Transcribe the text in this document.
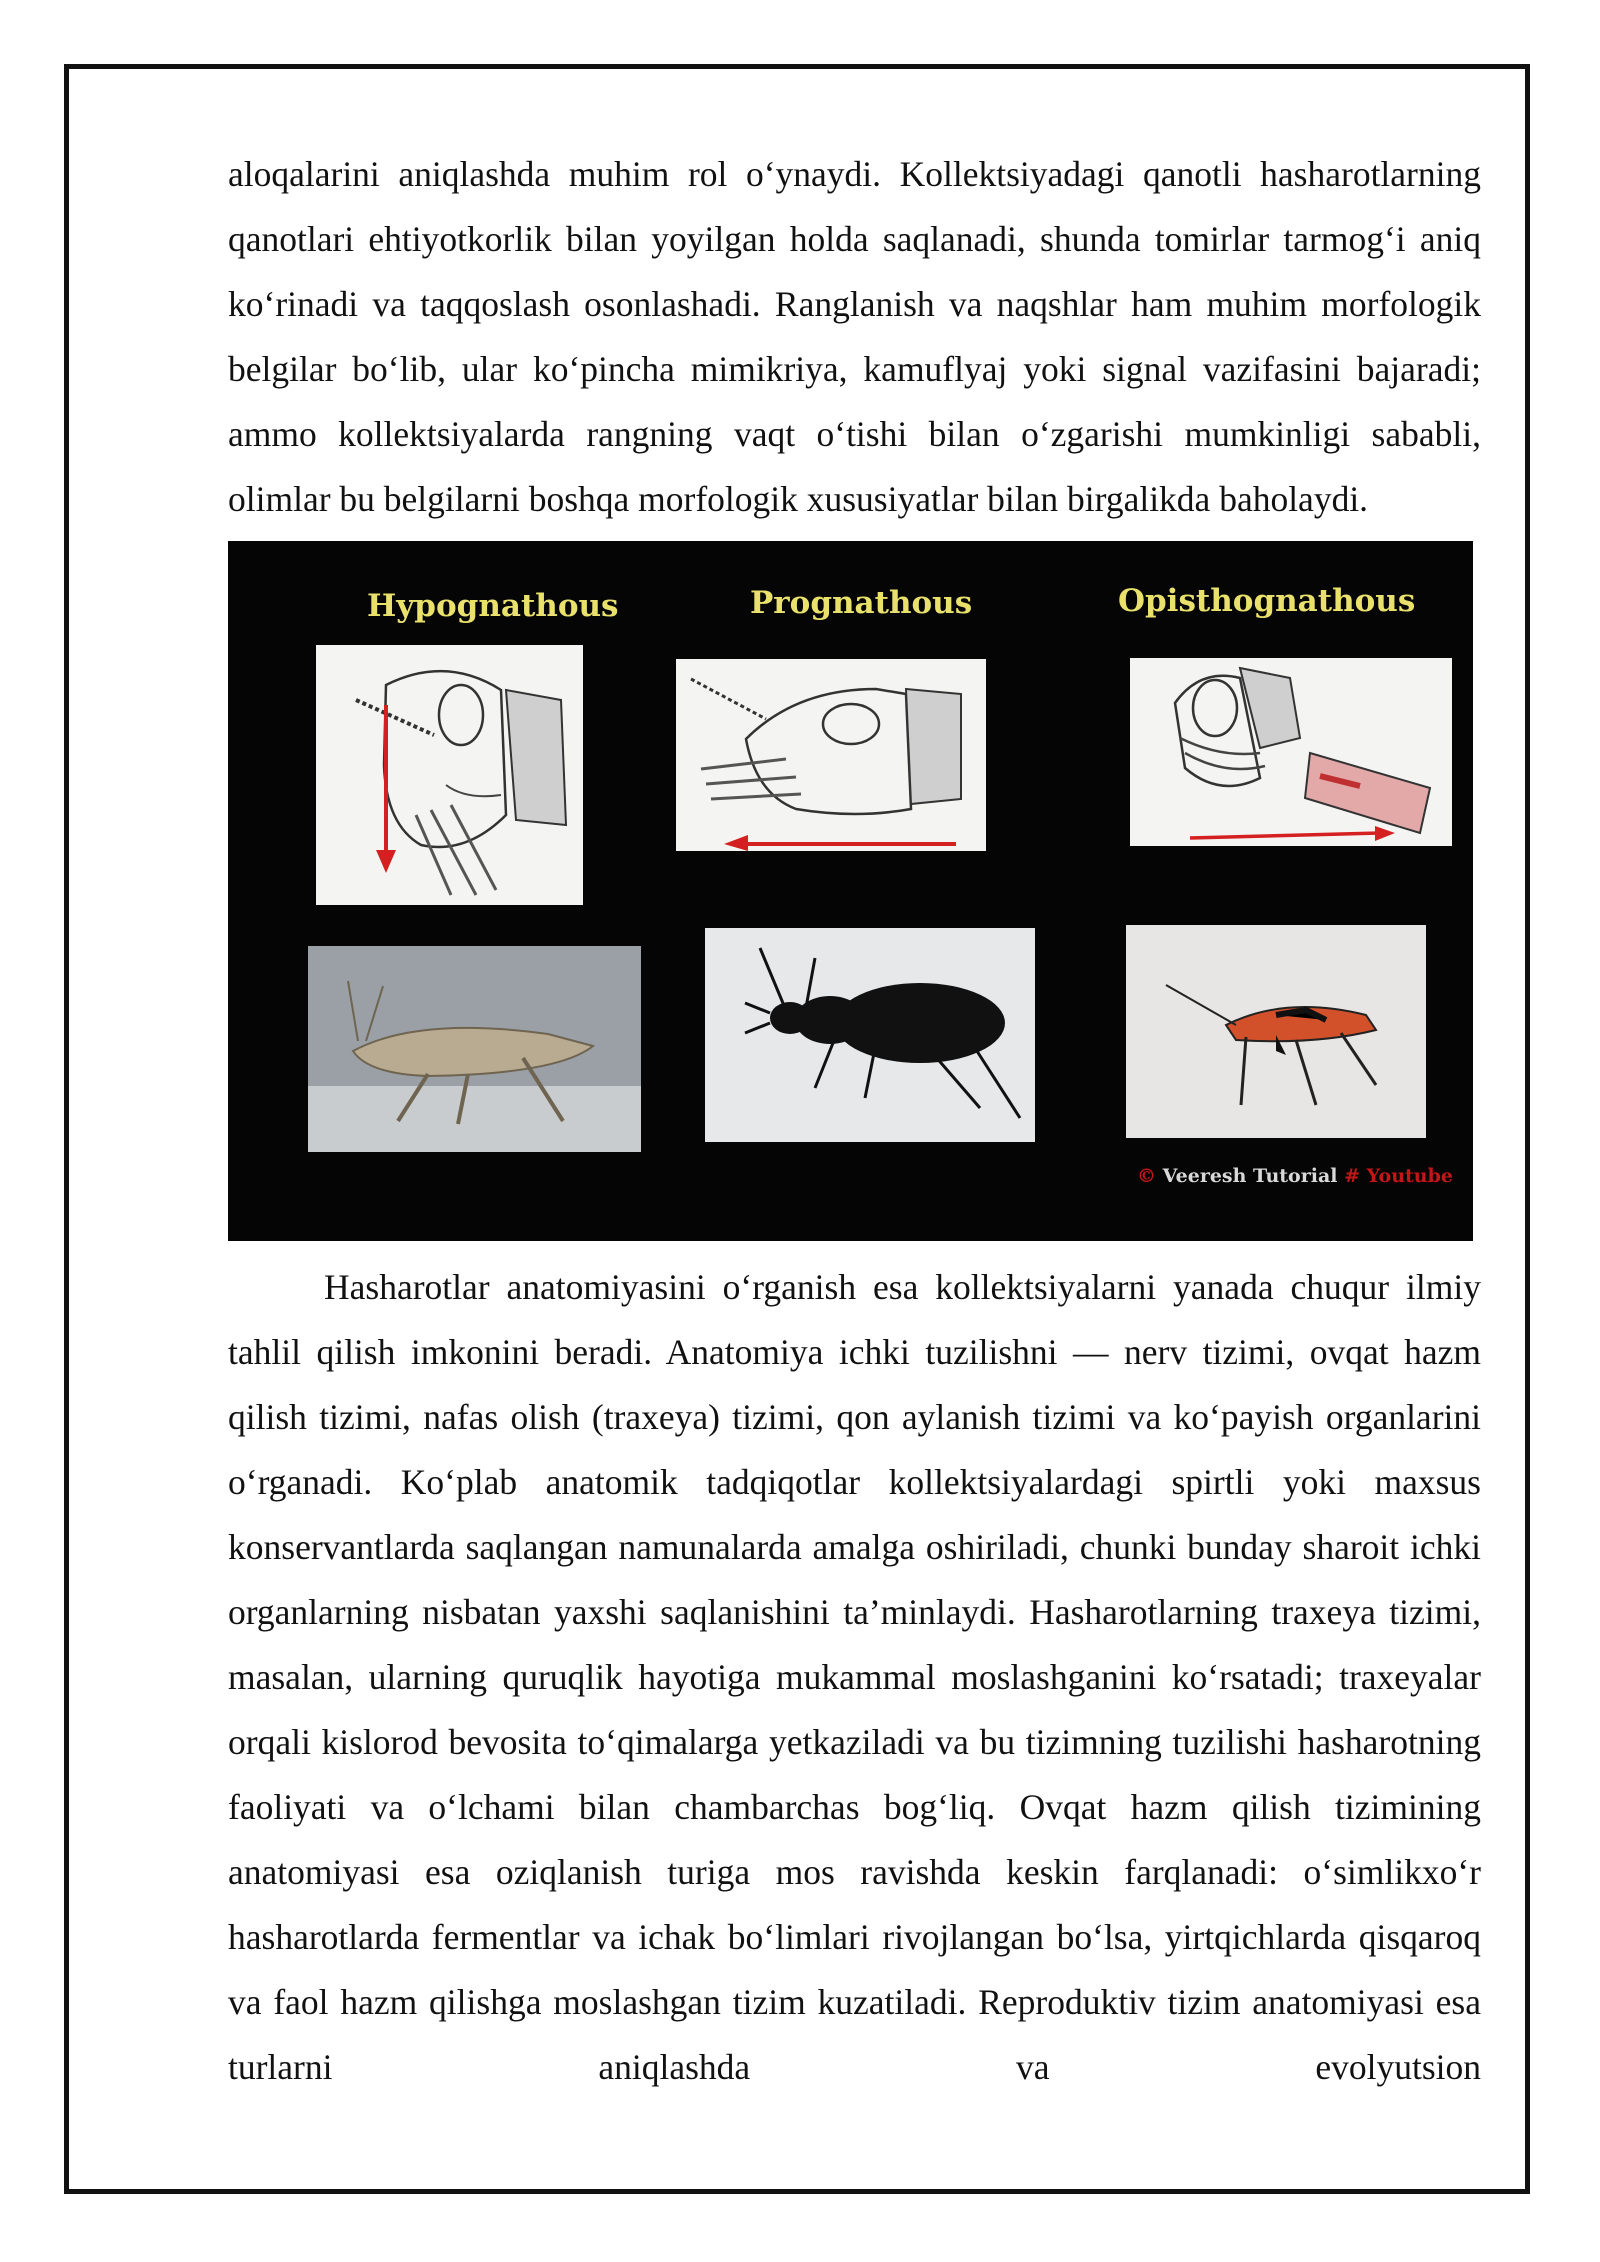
aloqalarini aniqlashda muhim rol o‘ynaydi. Kollektsiyadagi qanotli hasharotlarning qanotlari ehtiyotkorlik bilan yoyilgan holda saqlanadi, shunda tomirlar tarmog‘i aniq ko‘rinadi va taqqoslash osonlashadi. Ranglanish va naqshlar ham muhim morfologik belgilar bo‘lib, ular ko‘pincha mimikriya, kamuflyaj yoki signal vazifasini bajaradi; ammo kollektsiyalarda rangning vaqt o‘tishi bilan o‘zgarishi mumkinligi sababli, olimlar bu belgilarni boshqa morfologik xususiyatlar bilan birgalikda baholaydi.

Hypognathous	Prognathous	Opisthognathous

© Veeresh Tutorial # Youtube

Hasharotlar anatomiyasini o‘rganish esa kollektsiyalarni yanada chuqur ilmiy tahlil qilish imkonini beradi. Anatomiya ichki tuzilishni — nerv tizimi, ovqat hazm qilish tizimi, nafas olish (traxeya) tizimi, qon aylanish tizimi va ko‘payish organlarini o‘rganadi. Ko‘plab anatomik tadqiqotlar kollektsiyalardagi spirtli yoki maxsus konservantlarda saqlangan namunalarda amalga oshiriladi, chunki bunday sharoit ichki organlarning nisbatan yaxshi saqlanishini ta’minlaydi. Hasharotlarning traxeya tizimi, masalan, ularning quruqlik hayotiga mukammal moslashganini ko‘rsatadi; traxeyalar orqali kislorod bevosita to‘qimalarga yetkaziladi va bu tizimning tuzilishi hasharotning faoliyati va o‘lchami bilan chambarchas bog‘liq. Ovqat hazm qilish tizimining anatomiyasi esa oziqlanish turiga mos ravishda keskin farqlanadi: o‘simlikxo‘r hasharotlarda fermentlar va ichak bo‘limlari rivojlangan bo‘lsa, yirtqichlarda qisqaroq va faol hazm qilishga moslashgan tizim kuzatiladi. Reproduktiv tizim anatomiyasi esa turlarni aniqlashda va evolyutsion
